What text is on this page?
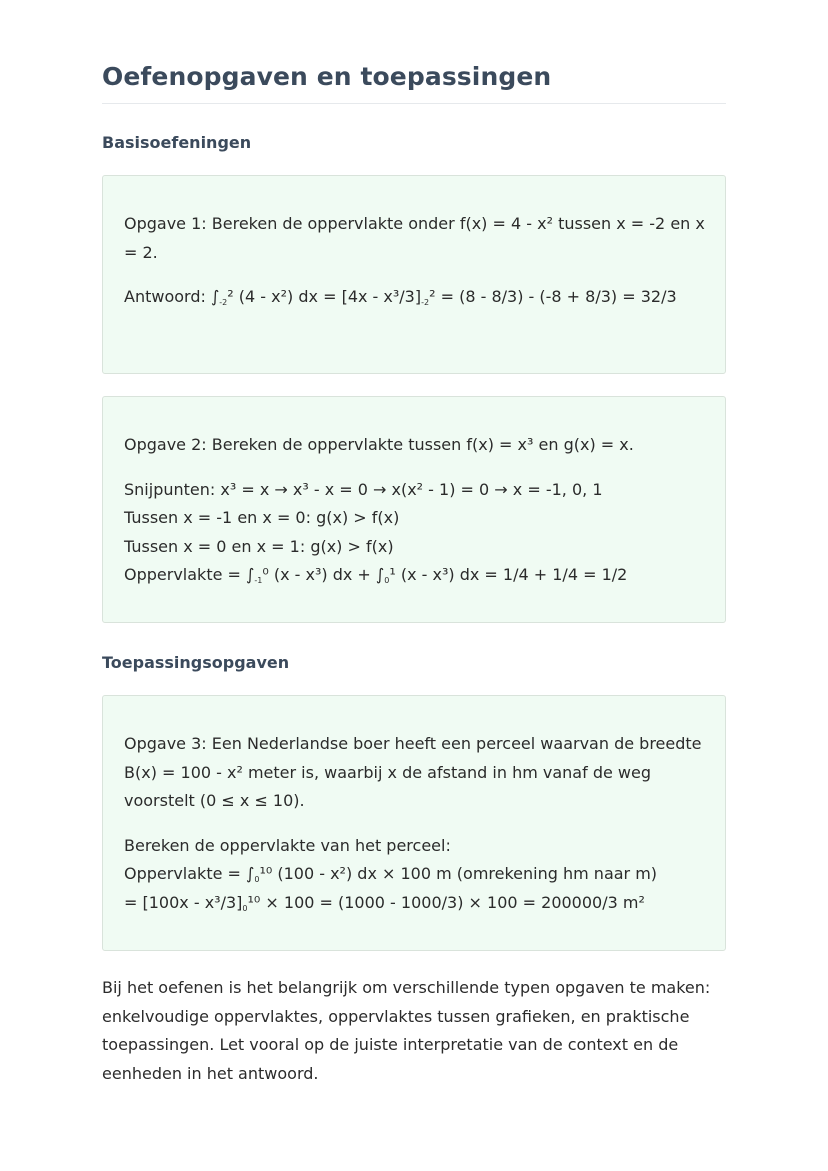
Oefenopgaven en toepassingen
Basisoefeningen

Opgave 1: Bereken de oppervlakte onder f(x) = 4 - x² tussen x = -2 en x = 2.

Antwoord: $\int_{-2}^2$ (4 - x²) dx = $[4x - x^3/3]_{-2}^2 = (8 - 8/3) - (-8 + 8/3) = 32/3$

Opgave 2: Bereken de oppervlakte tussen f(x) = x³ en g(x) = x.

Snijpunten: x³ = x → x³ - x = 0 → x(x² - 1) = 0 → x = -1, 0, 1
Tussen x = -1 en x = 0: g(x) > f(x)
Tussen x = 0 en x = 1: g(x) > f(x)
Oppervlakte = $\int_{-1}^0$ (x - x³) dx + $\int_0^1$ (x - x³) dx = 1/4 + 1/4 = 1/2

Toepassingsopgaven

Opgave 3: Een Nederlandse boer heeft een perceel waarvan de breedte B(x) = 100 - x² meter is, waarbij x de afstand in hm vanaf de weg voorstelt (0 ≤ x ≤ 10).

Bereken de oppervlakte van het perceel:
Oppervlakte = $\int_0^{10}$ (100 - x²) dx × 100 m (omrekening hm naar m)
= $[100x - x^3/3]_0^{10} \times 100 = (1000 - 1000/3) \times 100 = 200000/3$ m²

Bij het oefenen is het belangrijk om verschillende typen opgaven te maken: enkelvoudige oppervlaktes, oppervlaktes tussen grafieken, en praktische toepassingen. Let vooral op de juiste interpretatie van de context en de eenheden in het antwoord.
